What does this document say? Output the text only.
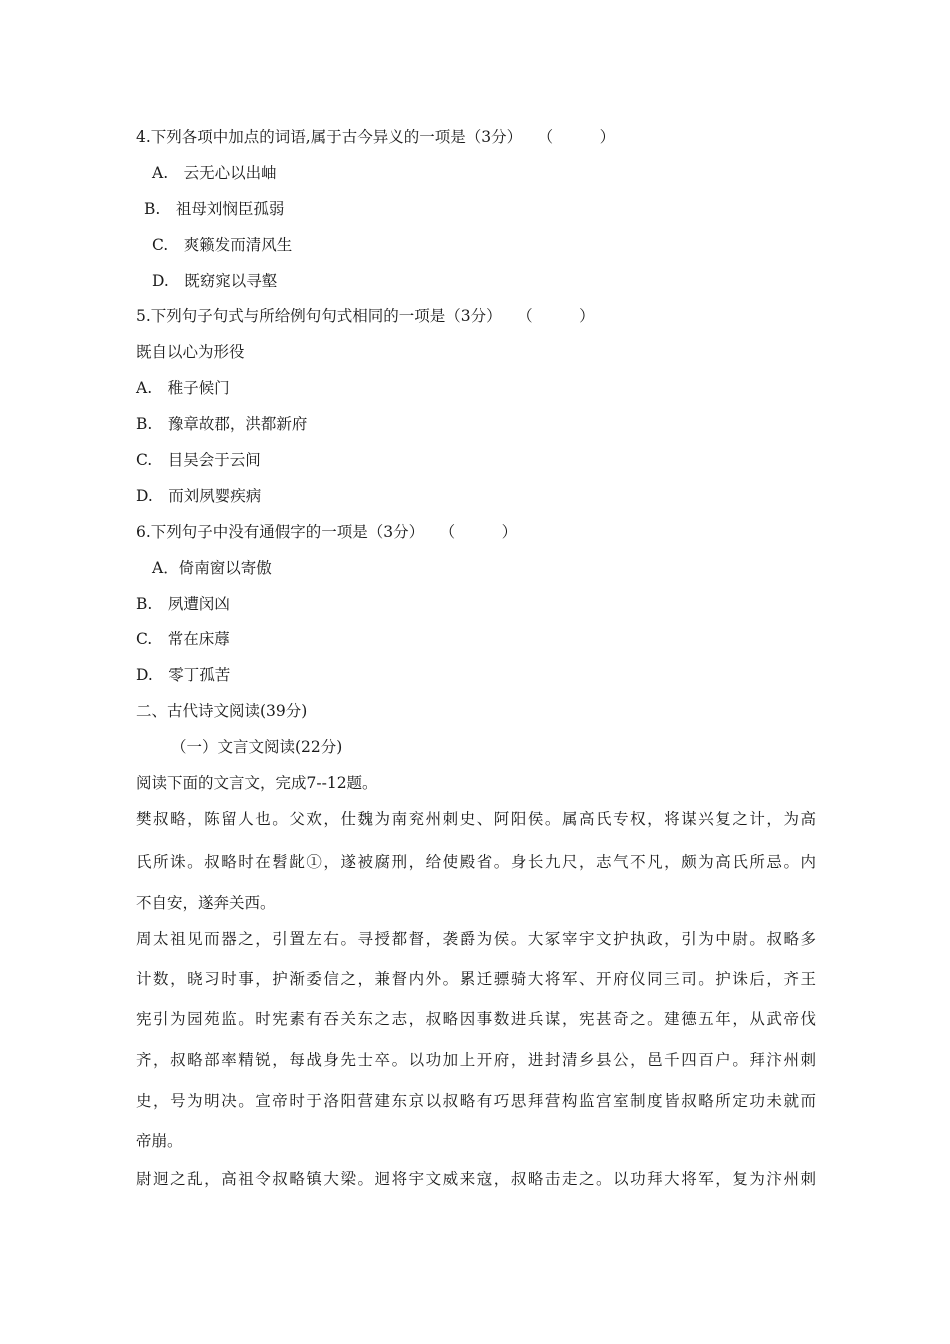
4.下列各项中加点的词语,属于古今异义的一项是（3分）　　（　　　）
A.　云无心以出岫
B.　祖母刘悯臣孤弱
C.　爽籁发而清风生
D.　既窈窕以寻壑
5.下列句子句式与所给例句句式相同的一项是（3分）　　（　　　）
既自以心为形役
A.　稚子候门
B.　豫章故郡，洪都新府
C.　目吴会于云间
D.　而刘夙婴疾病
6.下列句子中没有通假字的一项是（3分）　　（　　　）
A．倚南窗以寄傲
B.　夙遭闵凶
C.　常在床蓐
D.　零丁孤苦
二、古代诗文阅读(39分)
（一）文言文阅读(22分)
阅读下面的文言文，完成7--12题。
樊叔略，陈留人也。父欢，仕魏为南兖州刺史、阿阳侯。属高氏专权，将谋兴复之计，为高
氏所诛。叔略时在髫龀①，遂被腐刑，给使殿省。身长九尺，志气不凡，颇为高氏所忌。内
不自安，遂奔关西。
周太祖见而器之，引置左右。寻授都督，袭爵为侯。大冢宰宇文护执政，引为中尉。叔略多
计数，晓习时事，护渐委信之，兼督内外。累迁骠骑大将军、开府仪同三司。护诛后，齐王
宪引为园苑监。时宪素有吞关东之志，叔略因事数进兵谋，宪甚奇之。建德五年，从武帝伐
齐，叔略部率精锐，每战身先士卒。以功加上开府，进封清乡县公，邑千四百户。拜汴州刺
史，号为明决。宣帝时于洛阳营建东京以叔略有巧思拜营构监宫室制度皆叔略所定功未就而
帝崩。
尉迥之乱，高祖令叔略镇大梁。迥将宇文威来寇，叔略击走之。以功拜大将军，复为汴州刺
